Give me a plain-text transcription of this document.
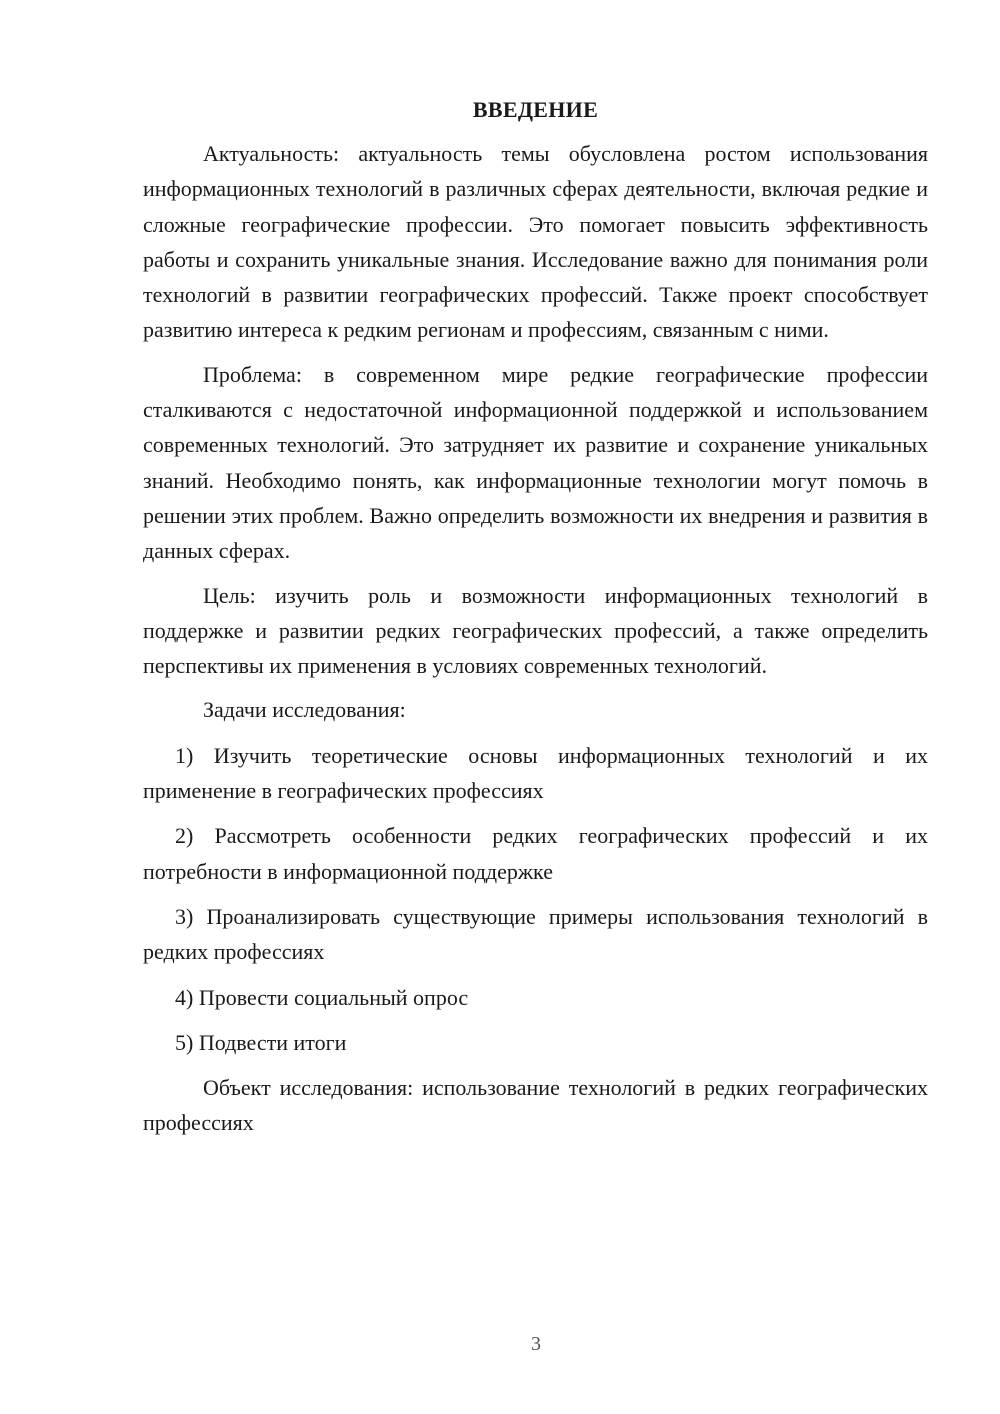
ВВЕДЕНИЕ

Актуальность: актуальность темы обусловлена ростом использования информационных технологий в различных сферах деятельности, включая редкие и сложные географические профессии. Это помогает повысить эффективность работы и сохранить уникальные знания. Исследование важно для понимания роли технологий в развитии географических профессий. Также проект способствует развитию интереса к редким регионам и профессиям, связанным с ними.

Проблема: в современном мире редкие географические профессии сталкиваются с недостаточной информационной поддержкой и использованием современных технологий. Это затрудняет их развитие и сохранение уникальных знаний. Необходимо понять, как информационные технологии могут помочь в решении этих проблем. Важно определить возможности их внедрения и развития в данных сферах.

Цель: изучить роль и возможности информационных технологий в поддержке и развитии редких географических профессий, а также определить перспективы их применения в условиях современных технологий.

Задачи исследования:

1) Изучить теоретические основы информационных технологий и их применение в географических профессиях

2) Рассмотреть особенности редких географических профессий и их потребности в информационной поддержке

3) Проанализировать существующие примеры использования технологий в редких профессиях

4) Провести социальный опрос

5) Подвести итоги

Объект исследования: использование технологий в редких географических профессиях

3
